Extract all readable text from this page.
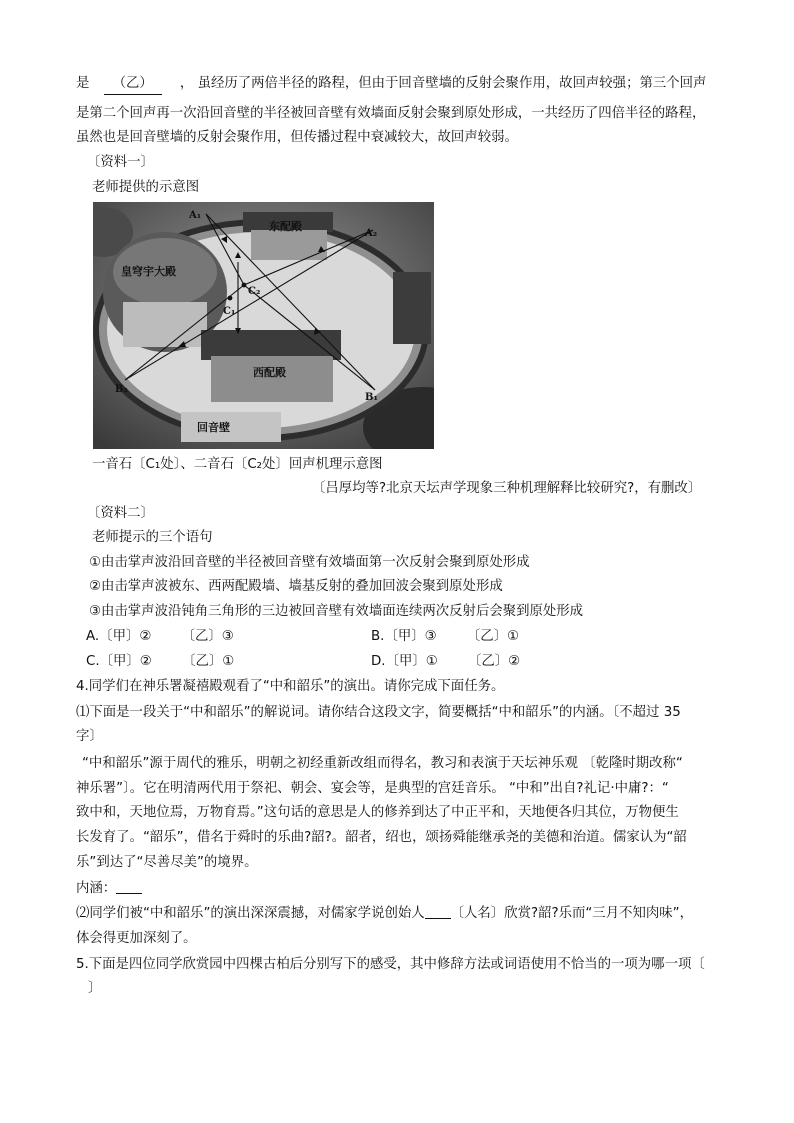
是 （乙） ， 虽经历了两倍半径的路程，但由于回音壁墙的反射会聚作用，故回声较强；第三个回声
是第二个回声再一次沿回音壁的半径被回音壁有效墙面反射会聚到原处形成，一共经历了四倍半径的路程，
虽然也是回音壁墙的反射会聚作用，但传播过程中衰减较大，故回声较弱。
〔资料一〕
老师提供的示意图
A₁
A₂
B₂
B₁
C₁
C₂
皇穹宇大殿
东配殿
西配殿
回音壁
一音石〔C₁处〕、二音石〔C₂处〕回声机理示意图
〔吕厚均等?北京天坛声学现象三种机理解释比较研究?，有删改〕
〔资料二〕
老师提示的三个语句
①由击掌声波沿回音壁的半径被回音壁有效墙面第一次反射会聚到原处形成
②由击掌声波被东、西两配殿墙、墙基反射的叠加回波会聚到原处形成
③由击掌声波沿钝角三角形的三边被回音壁有效墙面连续两次反射后会聚到原处形成
A.〔甲〕② 〔乙〕③	B.〔甲〕③ 〔乙〕①
C.〔甲〕② 〔乙〕①	D.〔甲〕① 〔乙〕②
4.同学们在神乐署凝禧殿观看了“中和韶乐”的演出。请你完成下面任务。
⑴下面是一段关于“中和韶乐”的解说词。请你结合这段文字，简要概括“中和韶乐”的内涵。〔不超过 35
字〕
“中和韶乐”源于周代的雅乐，明朝之初经重新改组而得名，教习和表演于天坛神乐观 〔乾隆时期改称“
神乐署”〕。它在明清两代用于祭祀、朝会、宴会等，是典型的宫廷音乐。 “中和”出自?礼记·中庸?：“
致中和，天地位焉，万物育焉。”这句话的意思是人的修养到达了中正平和，天地便各归其位，万物便生
长发育了。“韶乐”，借名于舜时的乐曲?韶?。韶者，绍也，颂扬舜能继承尧的美德和治道。儒家认为“韶
乐”到达了“尽善尽美”的境界。
内涵：
⑵同学们被“中和韶乐”的演出深深震撼，对儒家学说创始人 〔人名〕欣赏?韶?乐而“三月不知肉味”，
体会得更加深刻了。
5.下面是四位同学欣赏园中四棵古柏后分别写下的感受，其中修辞方法或词语使用不恰当的一项为哪一项〔
〕
